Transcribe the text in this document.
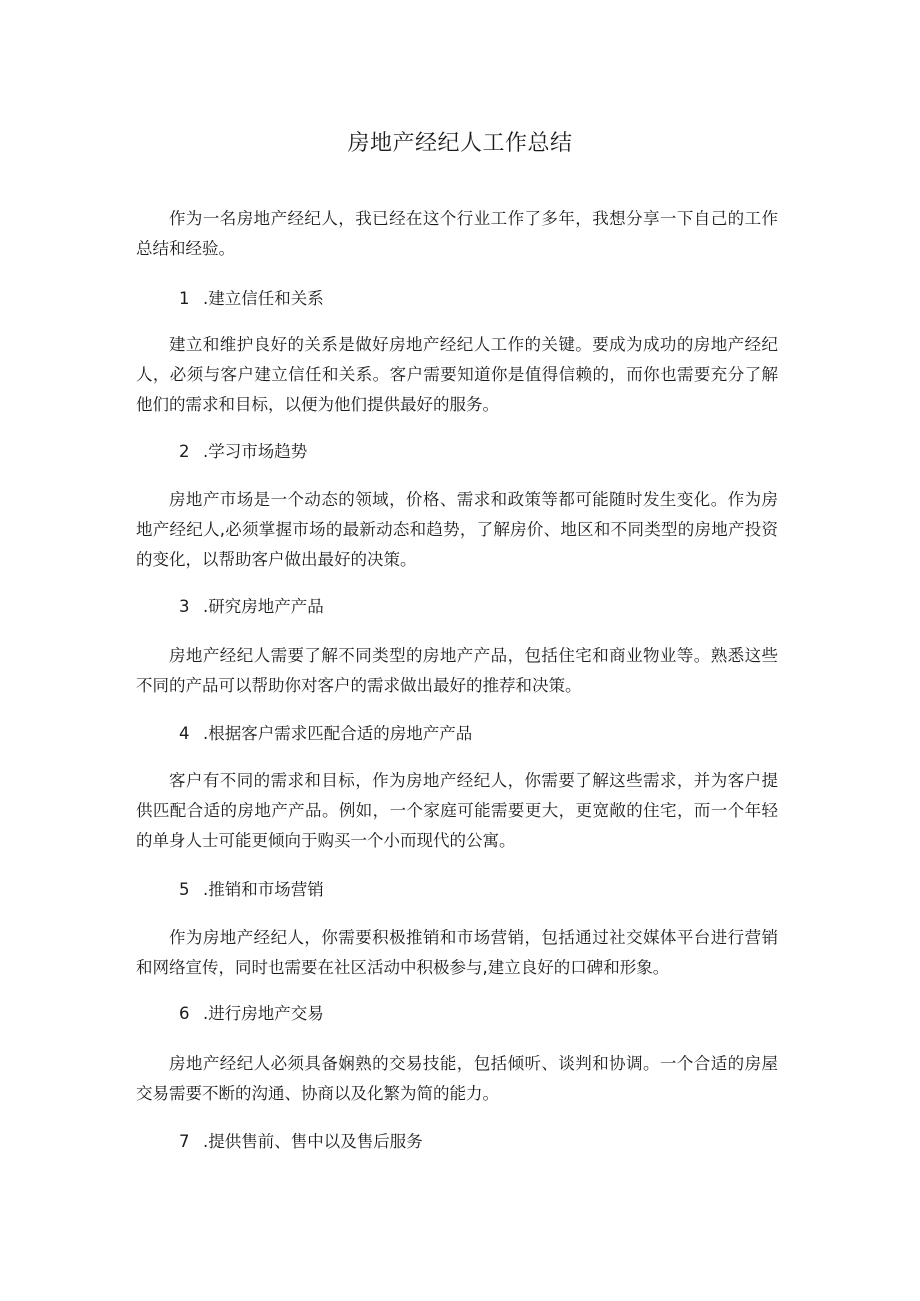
房地产经纪人工作总结

作为一名房地产经纪人，我已经在这个行业工作了多年，我想分享一下自己的工作总结和经验。

1 .建立信任和关系

建立和维护良好的关系是做好房地产经纪人工作的关键。要成为成功的房地产经纪人，必须与客户建立信任和关系。客户需要知道你是值得信赖的，而你也需要充分了解他们的需求和目标，以便为他们提供最好的服务。

2 .学习市场趋势

房地产市场是一个动态的领域，价格、需求和政策等都可能随时发生变化。作为房地产经纪人,必须掌握市场的最新动态和趋势，了解房价、地区和不同类型的房地产投资的变化，以帮助客户做出最好的决策。

3 .研究房地产产品

房地产经纪人需要了解不同类型的房地产产品，包括住宅和商业物业等。熟悉这些不同的产品可以帮助你对客户的需求做出最好的推荐和决策。

4 .根据客户需求匹配合适的房地产产品

客户有不同的需求和目标，作为房地产经纪人，你需要了解这些需求，并为客户提供匹配合适的房地产产品。例如，一个家庭可能需要更大，更宽敞的住宅，而一个年轻的单身人士可能更倾向于购买一个小而现代的公寓。

5 .推销和市场营销

作为房地产经纪人，你需要积极推销和市场营销，包括通过社交媒体平台进行营销和网络宣传，同时也需要在社区活动中积极参与,建立良好的口碑和形象。

6 .进行房地产交易

房地产经纪人必须具备娴熟的交易技能，包括倾听、谈判和协调。一个合适的房屋交易需要不断的沟通、协商以及化繁为简的能力。

7 .提供售前、售中以及售后服务
